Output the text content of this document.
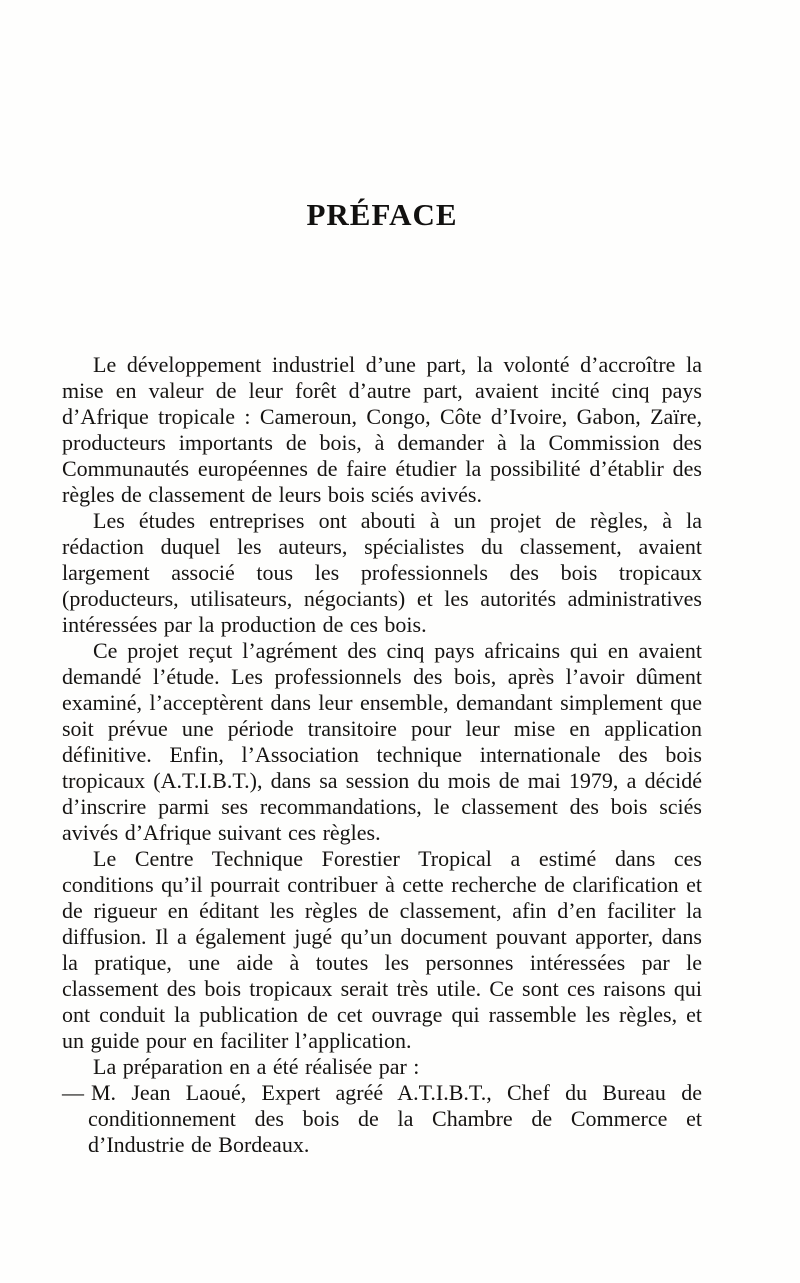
PRÉFACE

Le développement industriel d’une part, la volonté d’accroître la mise en valeur de leur forêt d’autre part, avaient incité cinq pays d’Afrique tropicale : Cameroun, Congo, Côte d’Ivoire, Gabon, Zaïre, producteurs importants de bois, à demander à la Commission des Communautés européennes de faire étudier la possibilité d’établir des règles de classement de leurs bois sciés avivés.

Les études entreprises ont abouti à un projet de règles, à la rédaction duquel les auteurs, spécialistes du classement, avaient largement associé tous les professionnels des bois tropicaux (producteurs, utilisateurs, négociants) et les autorités administratives intéressées par la production de ces bois.

Ce projet reçut l’agrément des cinq pays africains qui en avaient demandé l’étude. Les professionnels des bois, après l’avoir dûment examiné, l’acceptèrent dans leur ensemble, demandant simplement que soit prévue une période transitoire pour leur mise en application définitive. Enfin, l’Association technique internationale des bois tropicaux (A.T.I.B.T.), dans sa session du mois de mai 1979, a décidé d’inscrire parmi ses recommandations, le classement des bois sciés avivés d’Afrique suivant ces règles.

Le Centre Technique Forestier Tropical a estimé dans ces conditions qu’il pourrait contribuer à cette recherche de clarification et de rigueur en éditant les règles de classement, afin d’en faciliter la diffusion. Il a également jugé qu’un document pouvant apporter, dans la pratique, une aide à toutes les personnes intéressées par le classement des bois tropicaux serait très utile. Ce sont ces raisons qui ont conduit la publication de cet ouvrage qui rassemble les règles, et un guide pour en faciliter l’application.

La préparation en a été réalisée par :

— M. Jean Laoué, Expert agréé A.T.I.B.T., Chef du Bureau de conditionnement des bois de la Chambre de Commerce et d’Industrie de Bordeaux.
